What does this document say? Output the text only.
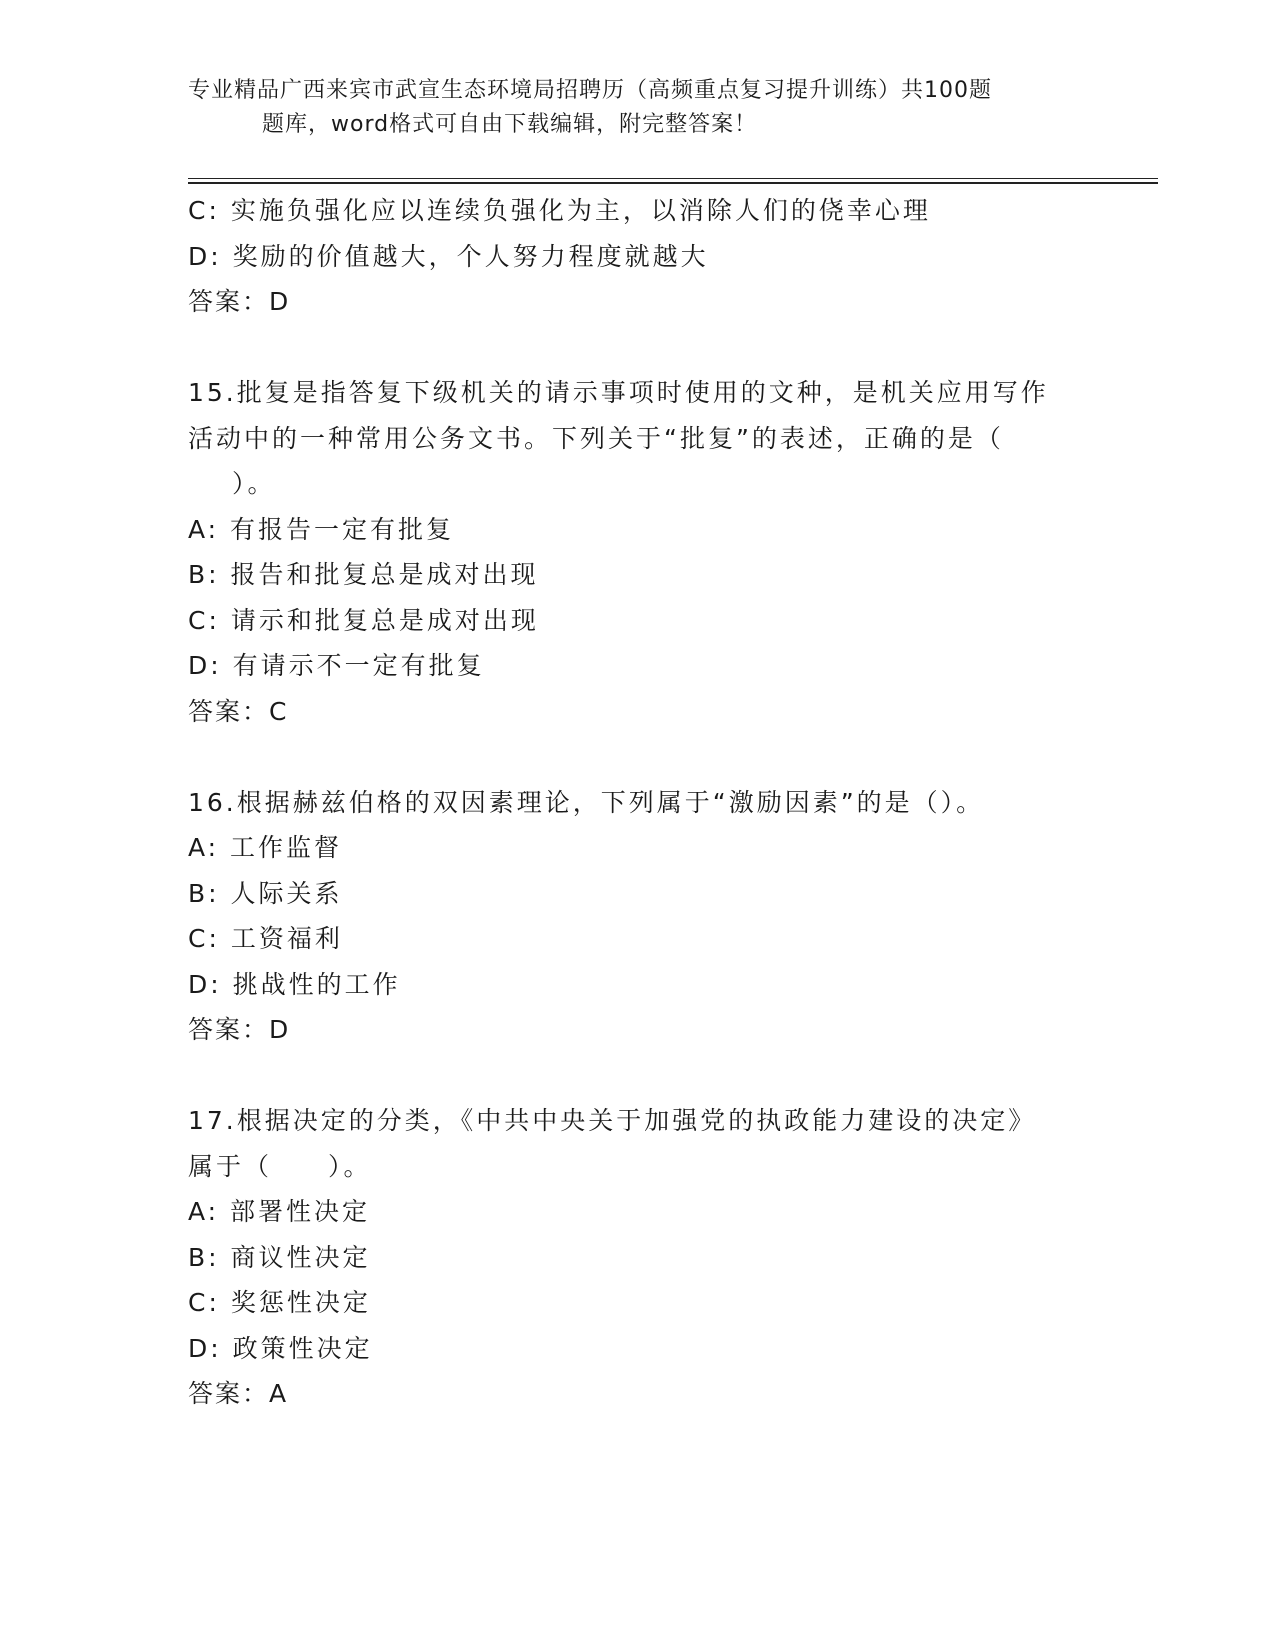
专业精品广西来宾市武宣生态环境局招聘历（高频重点复习提升训练）共100题
题库，word格式可自由下载编辑，附完整答案！
C: 实施负强化应以连续负强化为主，以消除人们的侥幸心理
D: 奖励的价值越大，个人努力程度就越大
答案：D
15.批复是指答复下级机关的请示事项时使用的文种，是机关应用写作
活动中的一种常用公务文书。下列关于“批复”的表述，正确的是（
）。
A: 有报告一定有批复
B: 报告和批复总是成对出现
C: 请示和批复总是成对出现
D: 有请示不一定有批复
答案：C
16.根据赫兹伯格的双因素理论，下列属于“激励因素”的是（）。
A: 工作监督
B: 人际关系
C: 工资福利
D: 挑战性的工作
答案：D
17.根据决定的分类，《中共中央关于加强党的执政能力建设的决定》
属于（　　）。
A: 部署性决定
B: 商议性决定
C: 奖惩性决定
D: 政策性决定
答案：A
